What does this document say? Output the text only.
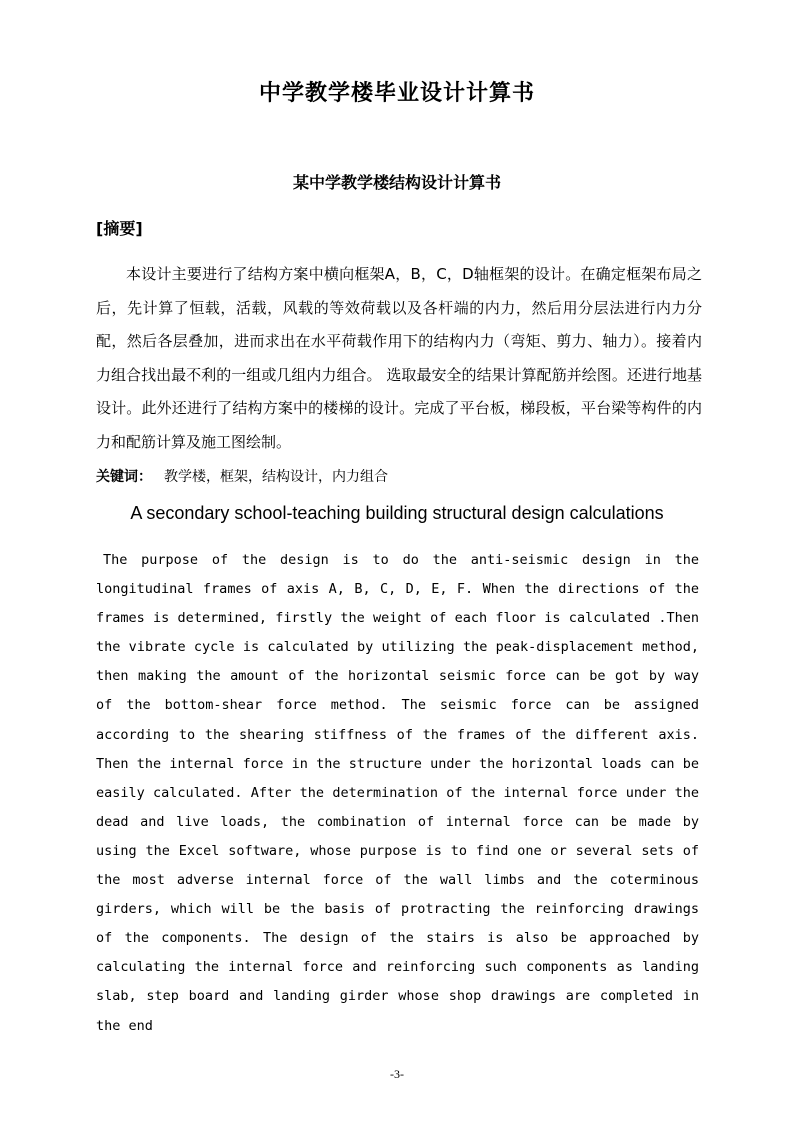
中学教学楼毕业设计计算书
某中学教学楼结构设计计算书
[摘要]

本设计主要进行了结构方案中横向框架A，B，C，D轴框架的设计。在确定框架布局之后，先计算了恒载，活载，风载的等效荷载以及各杆端的内力，然后用分层法进行内力分配，然后各层叠加，进而求出在水平荷载作用下的结构内力（弯矩、剪力、轴力）。接着内力组合找出最不利的一组或几组内力组合。 选取最安全的结果计算配筋并绘图。还进行地基设计。此外还进行了结构方案中的楼梯的设计。完成了平台板，梯段板，平台梁等构件的内力和配筋计算及施工图绘制。

关键词： 教学楼，框架，结构设计，内力组合
A secondary school-teaching building structural design calculations

The purpose of the design is to do the anti-seismic design in the longitudinal frames of axis A, B, C, D, E, F. When the directions of the frames is determined, firstly the weight of each floor is calculated .Then the vibrate cycle is calculated by utilizing the peak-displacement method, then making the amount of the horizontal seismic force can be got by way of the bottom-shear force method. The seismic force can be assigned according to the shearing stiffness of the frames of the different axis. Then the internal force in the structure under the horizontal loads can be easily calculated. After the determination of the internal force under the dead and live loads, the combination of internal force can be made by using the Excel software, whose purpose is to find one or several sets of the most adverse internal force of the wall limbs and the coterminous girders, which will be the basis of protracting the reinforcing drawings of the components. The design of the stairs is also be approached by calculating the internal force and reinforcing such components as landing slab, step board and landing girder whose shop drawings are completed in the end

-3-
